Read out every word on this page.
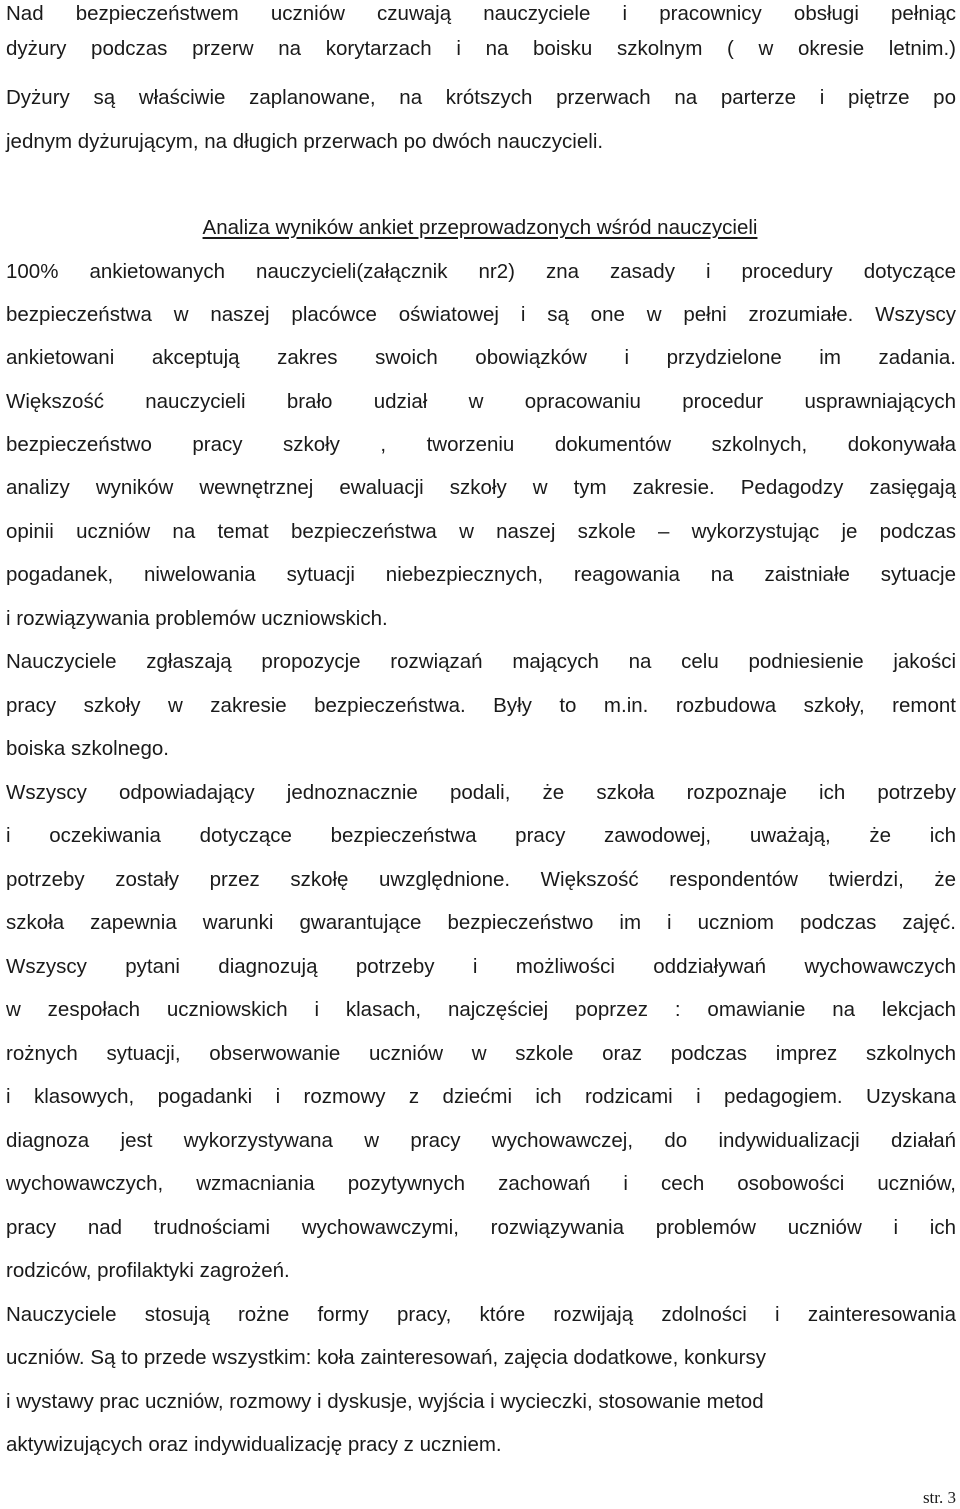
Nad bezpieczeństwem uczniów czuwają nauczyciele i pracownicy obsługi pełniąc
dyżury podczas przerw na korytarzach i na boisku szkolnym ( w okresie letnim.)
Dyżury są właściwie zaplanowane, na krótszych przerwach na parterze i piętrze po
jednym dyżurującym, na długich przerwach po dwóch nauczycieli.
Analiza wyników ankiet przeprowadzonych wśród nauczycieli
100% ankietowanych nauczycieli(załącznik nr2) zna zasady i procedury dotyczące
bezpieczeństwa w naszej placówce oświatowej i są one w pełni zrozumiałe. Wszyscy
ankietowani akceptują zakres swoich obowiązków i przydzielone im zadania.
Większość nauczycieli brało udział w opracowaniu procedur usprawniających
bezpieczeństwo pracy szkoły , tworzeniu dokumentów szkolnych, dokonywała
analizy wyników wewnętrznej ewaluacji szkoły w tym zakresie. Pedagodzy zasięgają
opinii uczniów na temat bezpieczeństwa w naszej szkole – wykorzystując je podczas
pogadanek, niwelowania sytuacji niebezpiecznych, reagowania na zaistniałe sytuacje
i rozwiązywania problemów uczniowskich.
Nauczyciele zgłaszają propozycje rozwiązań mających na celu podniesienie jakości
pracy szkoły w zakresie bezpieczeństwa. Były to m.in. rozbudowa szkoły, remont
boiska szkolnego.
Wszyscy odpowiadający jednoznacznie podali, że szkoła rozpoznaje ich potrzeby
i oczekiwania dotyczące bezpieczeństwa pracy zawodowej, uważają, że ich
potrzeby zostały przez szkołę uwzględnione. Większość respondentów twierdzi, że
szkoła zapewnia warunki gwarantujące bezpieczeństwo im i uczniom podczas zajęć.
Wszyscy pytani diagnozują potrzeby i możliwości oddziaływań wychowawczych
w zespołach uczniowskich i klasach, najczęściej poprzez : omawianie na lekcjach
rożnych sytuacji, obserwowanie uczniów w szkole oraz podczas imprez szkolnych
i klasowych, pogadanki i rozmowy z dziećmi ich rodzicami i pedagogiem. Uzyskana
diagnoza jest wykorzystywana w pracy wychowawczej, do indywidualizacji działań
wychowawczych, wzmacniania pozytywnych zachowań i cech osobowości uczniów,
pracy nad trudnościami wychowawczymi, rozwiązywania problemów uczniów i ich
rodziców, profilaktyki zagrożeń.
Nauczyciele stosują rożne formy pracy, które rozwijają zdolności i zainteresowania
uczniów. Są to przede wszystkim: koła zainteresowań, zajęcia dodatkowe, konkursy
i wystawy prac uczniów, rozmowy i dyskusje, wyjścia i wycieczki, stosowanie metod
aktywizujących oraz indywidualizację pracy z uczniem.
str. 3
